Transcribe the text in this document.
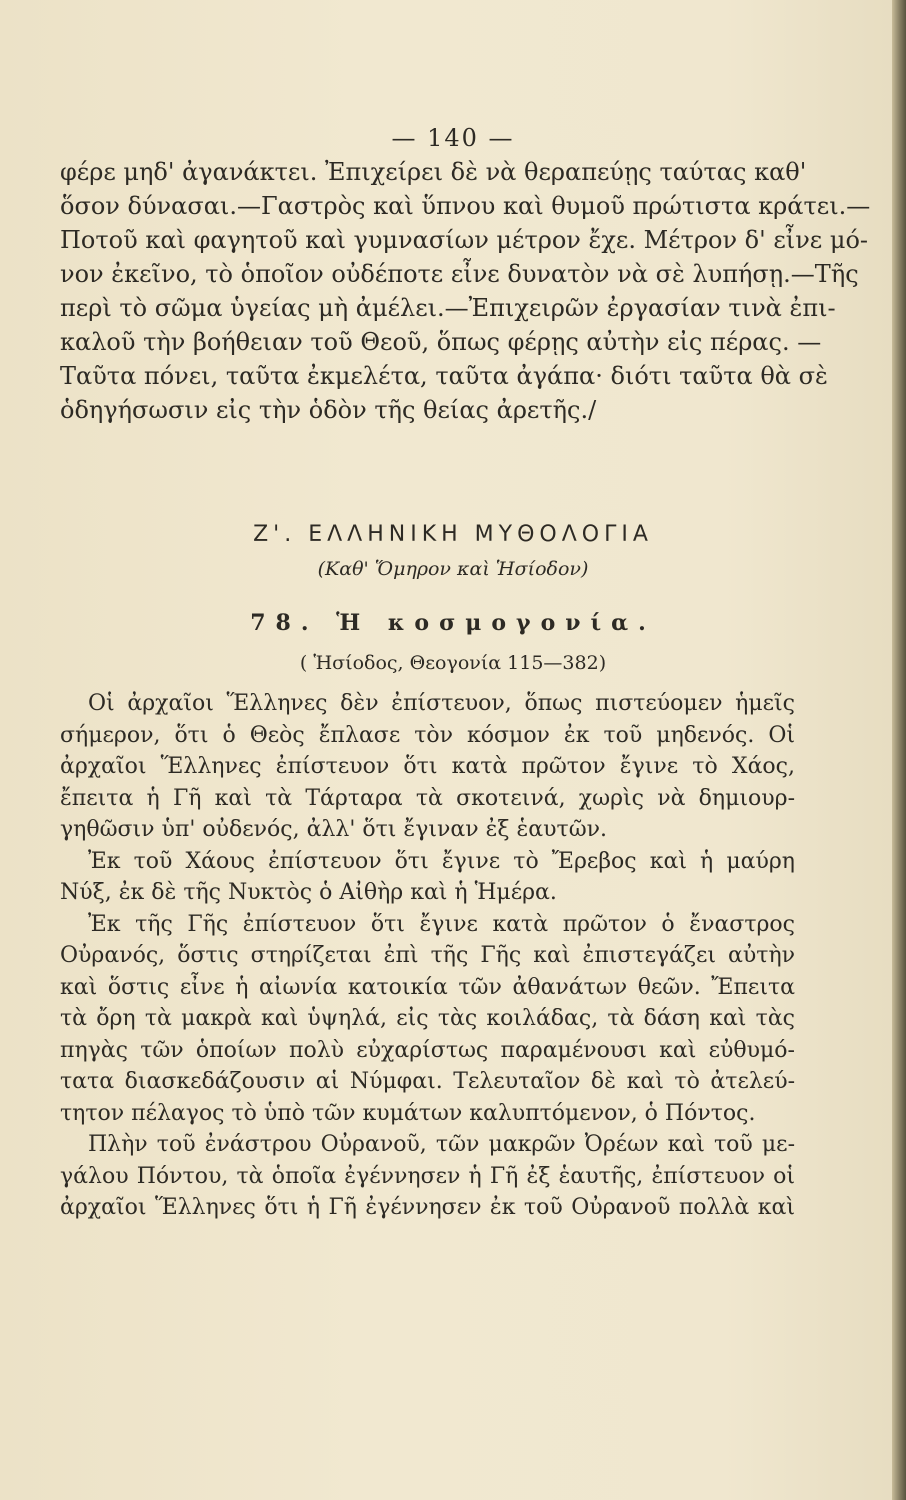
— 140 —
φέρε μηδ' ἀγανάκτει. Ἐπιχείρει δὲ νὰ θεραπεύῃς ταύτας καθ'
ὅσον δύνασαι.—Γαστρὸς καὶ ὕπνου καὶ θυμοῦ πρώτιστα κράτει.—
Ποτοῦ καὶ φαγητοῦ καὶ γυμνασίων μέτρον ἔχε. Μέτρον δ' εἶνε μό-
νον ἐκεῖνο, τὸ ὁποῖον οὐδέποτε εἶνε δυνατὸν νὰ σὲ λυπήσῃ.—Τῆς
περὶ τὸ σῶμα ὑγείας μὴ ἀμέλει.—Ἐπιχειρῶν ἐργασίαν τινὰ ἐπι-
καλοῦ τὴν βοήθειαν τοῦ Θεοῦ, ὅπως φέρῃς αὐτὴν εἰς πέρας. —
Ταῦτα πόνει, ταῦτα ἐκμελέτα, ταῦτα ἀγάπα· διότι ταῦτα θὰ σὲ
ὁδηγήσωσιν εἰς τὴν ὁδὸν τῆς θείας ἀρετῆς./
Ζ'. ΕΛΛΗΝΙΚΗ ΜΥΘΟΛΟΓΙΑ
(Καθ' Ὅμηρον καὶ Ἡσίοδον)
78. Ἡ κοσμογονία.
( Ἡσίοδος, Θεογονία 115—382)
Οἱ ἀρχαῖοι Ἕλληνες δὲν ἐπίστευον, ὅπως πιστεύομεν ἡμεῖς
σήμερον, ὅτι ὁ Θεὸς ἔπλασε τὸν κόσμον ἐκ τοῦ μηδενός. Οἱ
ἀρχαῖοι Ἕλληνες ἐπίστευον ὅτι κατὰ πρῶτον ἔγινε τὸ Χάος,
ἔπειτα ἡ Γῆ καὶ τὰ Τάρταρα τὰ σκοτεινά, χωρὶς νὰ δημιουρ-
γηθῶσιν ὑπ' οὐδενός, ἀλλ' ὅτι ἔγιναν ἐξ ἑαυτῶν.
Ἐκ τοῦ Χάους ἐπίστευον ὅτι ἔγινε τὸ Ἔρεβος καὶ ἡ μαύρη
Νύξ, ἐκ δὲ τῆς Νυκτὸς ὁ Αἰθὴρ καὶ ἡ Ἡμέρα.
Ἐκ τῆς Γῆς ἐπίστευον ὅτι ἔγινε κατὰ πρῶτον ὁ ἔναστρος
Οὐρανός, ὅστις στηρίζεται ἐπὶ τῆς Γῆς καὶ ἐπιστεγάζει αὐτὴν
καὶ ὅστις εἶνε ἡ αἰωνία κατοικία τῶν ἀθανάτων θεῶν. Ἔπειτα
τὰ ὄρη τὰ μακρὰ καὶ ὑψηλά, εἰς τὰς κοιλάδας, τὰ δάση καὶ τὰς
πηγὰς τῶν ὁποίων πολὺ εὐχαρίστως παραμένουσι καὶ εὐθυμό-
τατα διασκεδάζουσιν αἱ Νύμφαι. Τελευταῖον δὲ καὶ τὸ ἀτελεύ-
τητον πέλαγος τὸ ὑπὸ τῶν κυμάτων καλυπτόμενον, ὁ Πόντος.
Πλὴν τοῦ ἐνάστρου Οὐρανοῦ, τῶν μακρῶν Ὀρέων καὶ τοῦ με-
γάλου Πόντου, τὰ ὁποῖα ἐγέννησεν ἡ Γῆ ἐξ ἑαυτῆς, ἐπίστευον οἱ
ἀρχαῖοι Ἕλληνες ὅτι ἡ Γῆ ἐγέννησεν ἐκ τοῦ Οὐρανοῦ πολλὰ καὶ
